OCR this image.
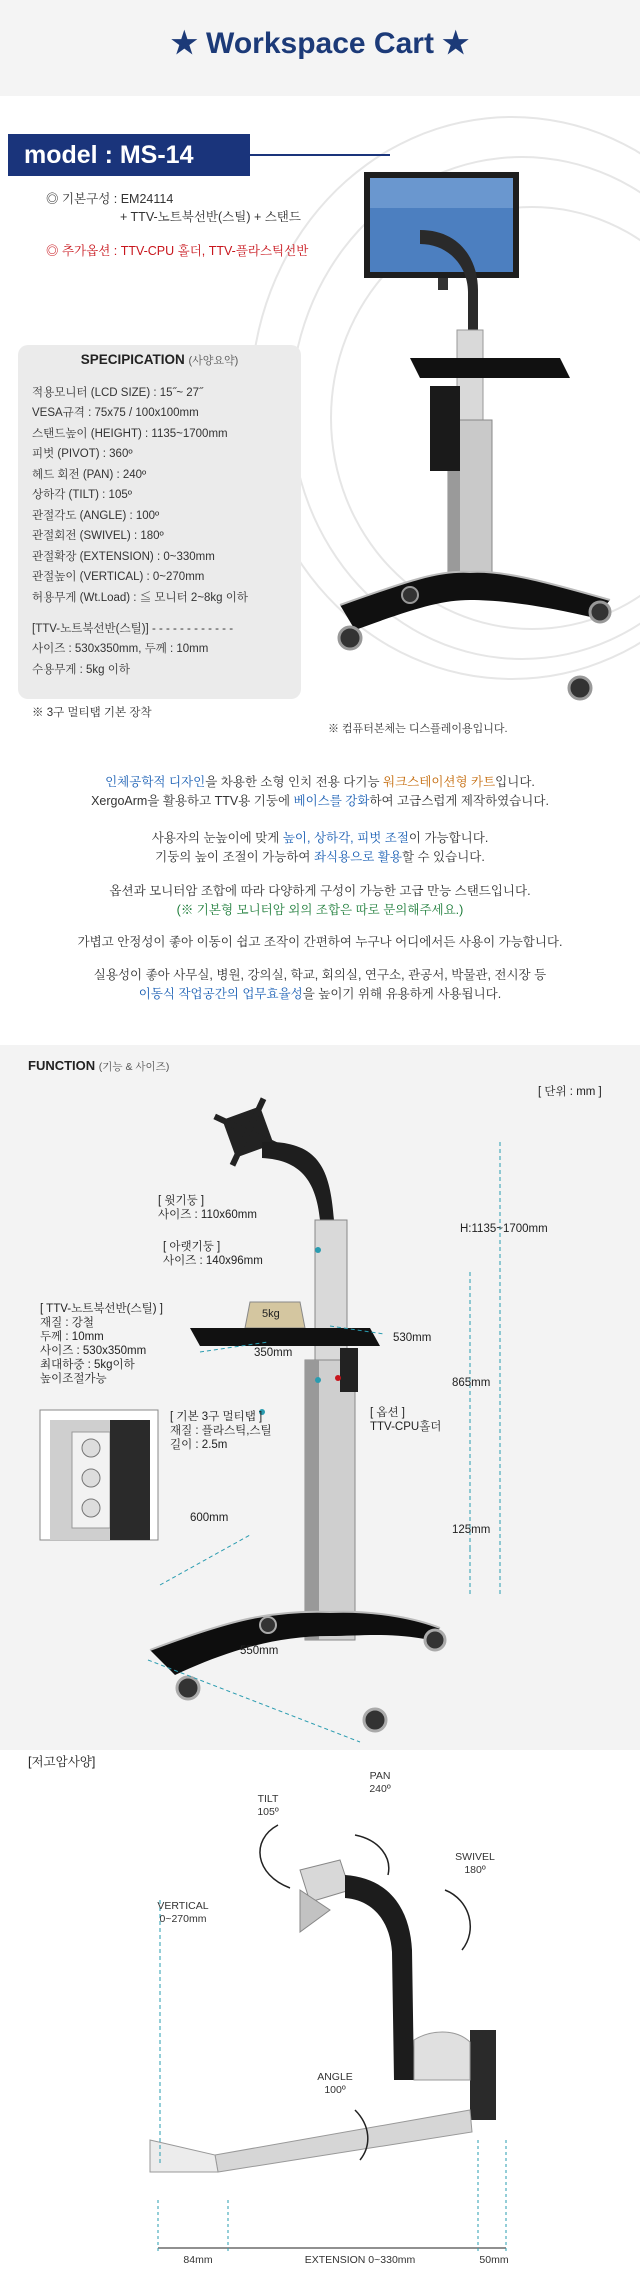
★ Workspace Cart ★
model : MS-14
◎ 기본구성 : EM24114
+ TTV-노트북선반(스틸) + 스탠드
◎ 추가옵션 : TTV-CPU 홀더, TTV-플라스틱선반
SPECIPICATION (사양요약)
적용모니터 (LCD SIZE) : 15˝~ 27˝
VESA규격 : 75x75 / 100x100mm
스탠드높이 (HEIGHT) : 1135~1700mm
피벗 (PIVOT) : 360º
헤드 회전 (PAN) : 240º
상하각 (TILT) : 105º
관절각도 (ANGLE) : 100º
관절회전 (SWIVEL) : 180º
관절확장 (EXTENSION) : 0~330mm
관절높이 (VERTICAL) : 0~270mm
허용무게 (Wt.Load) : ≦ 모니터 2~8kg 이하
[TTV-노트북선반(스틸)] - - - - - - - - - - - -
사이즈 : 530x350mm, 두께 : 10mm
수용무게 : 5kg 이하
※ 3구 멀티탭 기본 장착
※ 컴퓨터본체는 디스플레이용입니다.
인체공학적 디자인을 차용한 소형 인치 전용 다기능 워크스테이션형 카트입니다.
XergoArm을 활용하고 TTV용 기둥에 베이스를 강화하여 고급스럽게 제작하였습니다.
사용자의 눈높이에 맞게 높이, 상하각, 피벗 조절이 가능합니다.
기둥의 높이 조절이 가능하여 좌식용으로 활용할 수 있습니다.
옵션과 모니터암 조합에 따라 다양하게 구성이 가능한 고급 만능 스탠드입니다.
(※ 기본형 모니터암 외의 조합은 따로 문의해주세요.)
가볍고 안정성이 좋아 이동이 쉽고 조작이 간편하여 누구나 어디에서든 사용이 가능합니다.
실용성이 좋아 사무실, 병원, 강의실, 학교, 회의실, 연구소, 관공서, 박물관, 전시장 등
이동식 작업공간의 업무효율성을 높이기 위해 유용하게 사용됩니다.
FUNCTION (기능 & 사이즈)
[ 단위 : mm ]
[ 윗기둥 ]
사이즈 : 110x60mm
[ 아랫기둥 ]
사이즈 : 140x96mm
H:1135~1700mm
5kg
[ TTV-노트북선반(스틸) ]
재질 : 강철
두께 : 10mm
사이즈 : 530x350mm
최대하중 : 5kg이하
높이조절가능
530mm
350mm
865mm
[ 옵션 ]
TTV-CPU홀더
[ 기본 3구 멀티탭 ]
재질 : 플라스틱,스틸
길이 : 2.5m
600mm
125mm
550mm
[저고암사양]
PAN
240º
TILT
105º
SWIVEL
180º
VERTICAL
0~270mm
ANGLE
100º
84mm	EXTENSION 0~330mm	50mm
